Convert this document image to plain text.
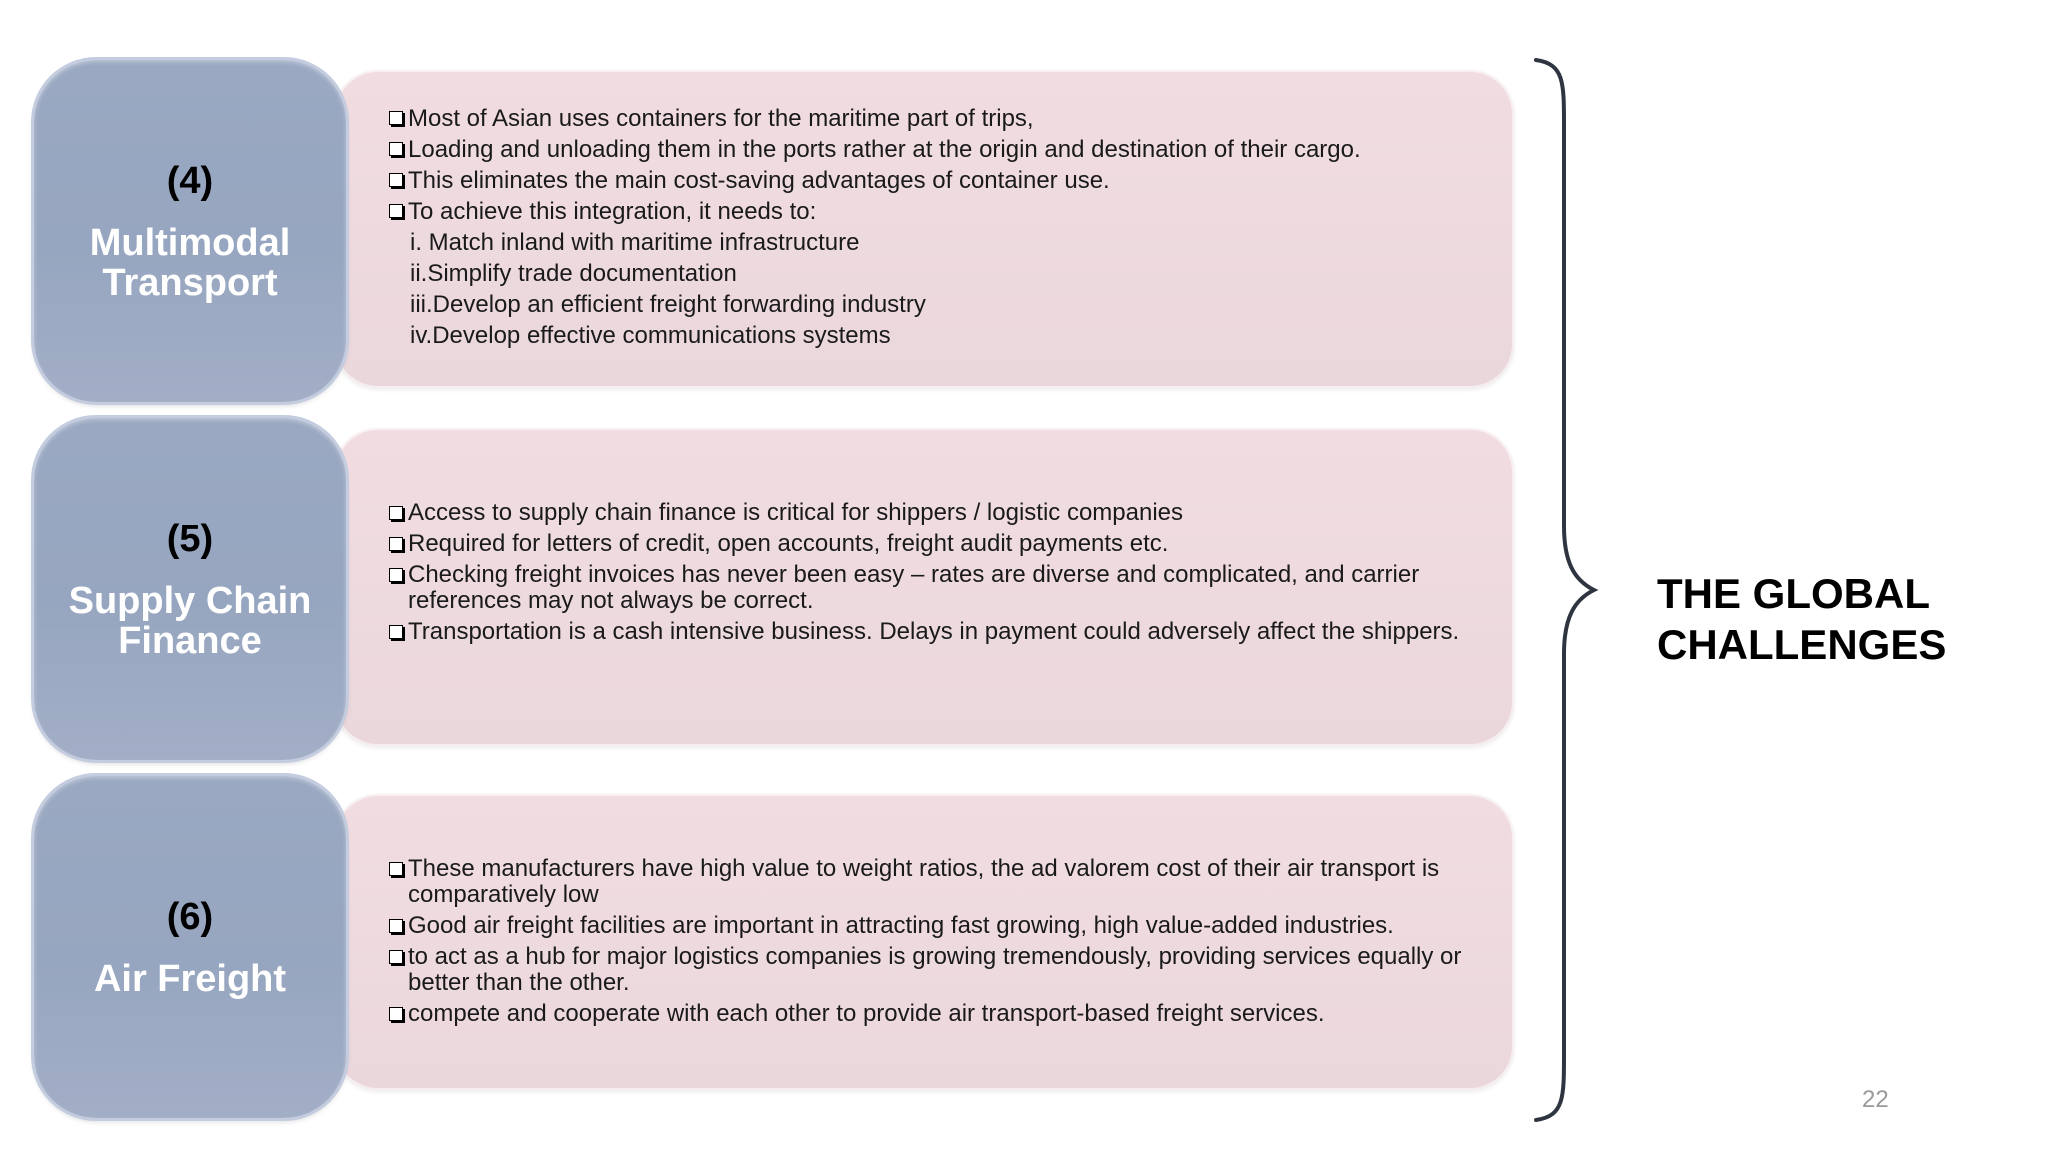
(4)
Multimodal
Transport
Most of Asian uses containers for the maritime part of trips,
Loading and unloading them in the ports rather at the origin and destination of their cargo.
This eliminates the main cost-saving advantages of container use.
To achieve this integration, it needs to:
i. Match inland with maritime infrastructure
ii.Simplify trade documentation
iii.Develop an efficient freight forwarding industry
iv.Develop effective communications systems
(5)
Supply Chain
Finance
Access to supply chain finance is critical for shippers / logistic companies
Required for letters of credit, open accounts, freight audit payments etc.
Checking freight invoices has never been easy – rates are diverse and complicated, and carrier references may not always be correct.
Transportation is a cash intensive business. Delays in payment could adversely affect the shippers.
(6)
Air Freight
These manufacturers have high value to weight ratios, the ad valorem cost of their air transport is comparatively low
Good air freight facilities are important in attracting fast growing, high value-added industries.
to act as a hub for major logistics companies is growing tremendously, providing services equally or better than the other.
compete and cooperate with each other to provide air transport-based freight services.
THE GLOBAL
CHALLENGES
22
